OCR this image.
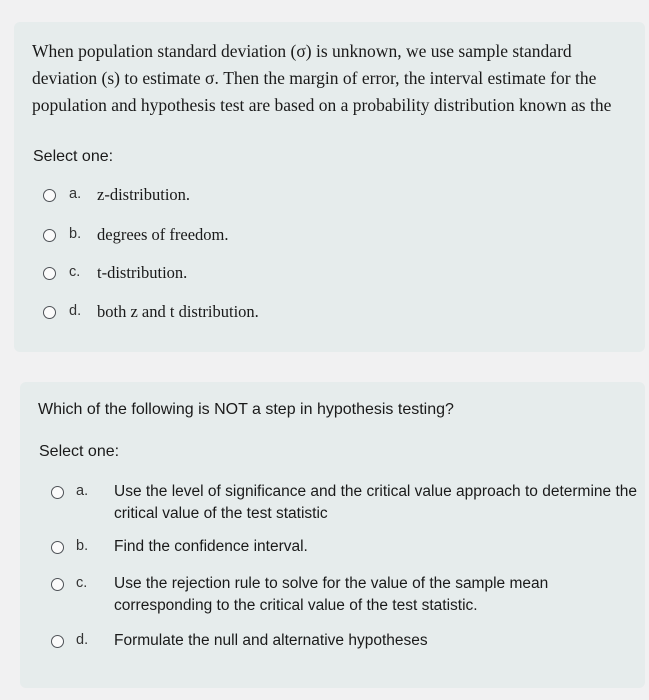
When population standard deviation (σ) is unknown, we use sample standard deviation (s) to estimate σ. Then the margin of error, the interval estimate for the population and hypothesis test are based on a probability distribution known as the
Select one:
a. z-distribution.
b. degrees of freedom.
c.	t-distribution.
d. both z and t distribution.
Which of the following is NOT a step in hypothesis testing?
Select one:
a.	Use the level of significance and the critical value approach to determine the critical value of the test statistic
b.	Find the confidence interval.
c.	Use the rejection rule to solve for the value of the sample mean corresponding to the critical value of the test statistic.
d.	Formulate the null and alternative hypotheses
